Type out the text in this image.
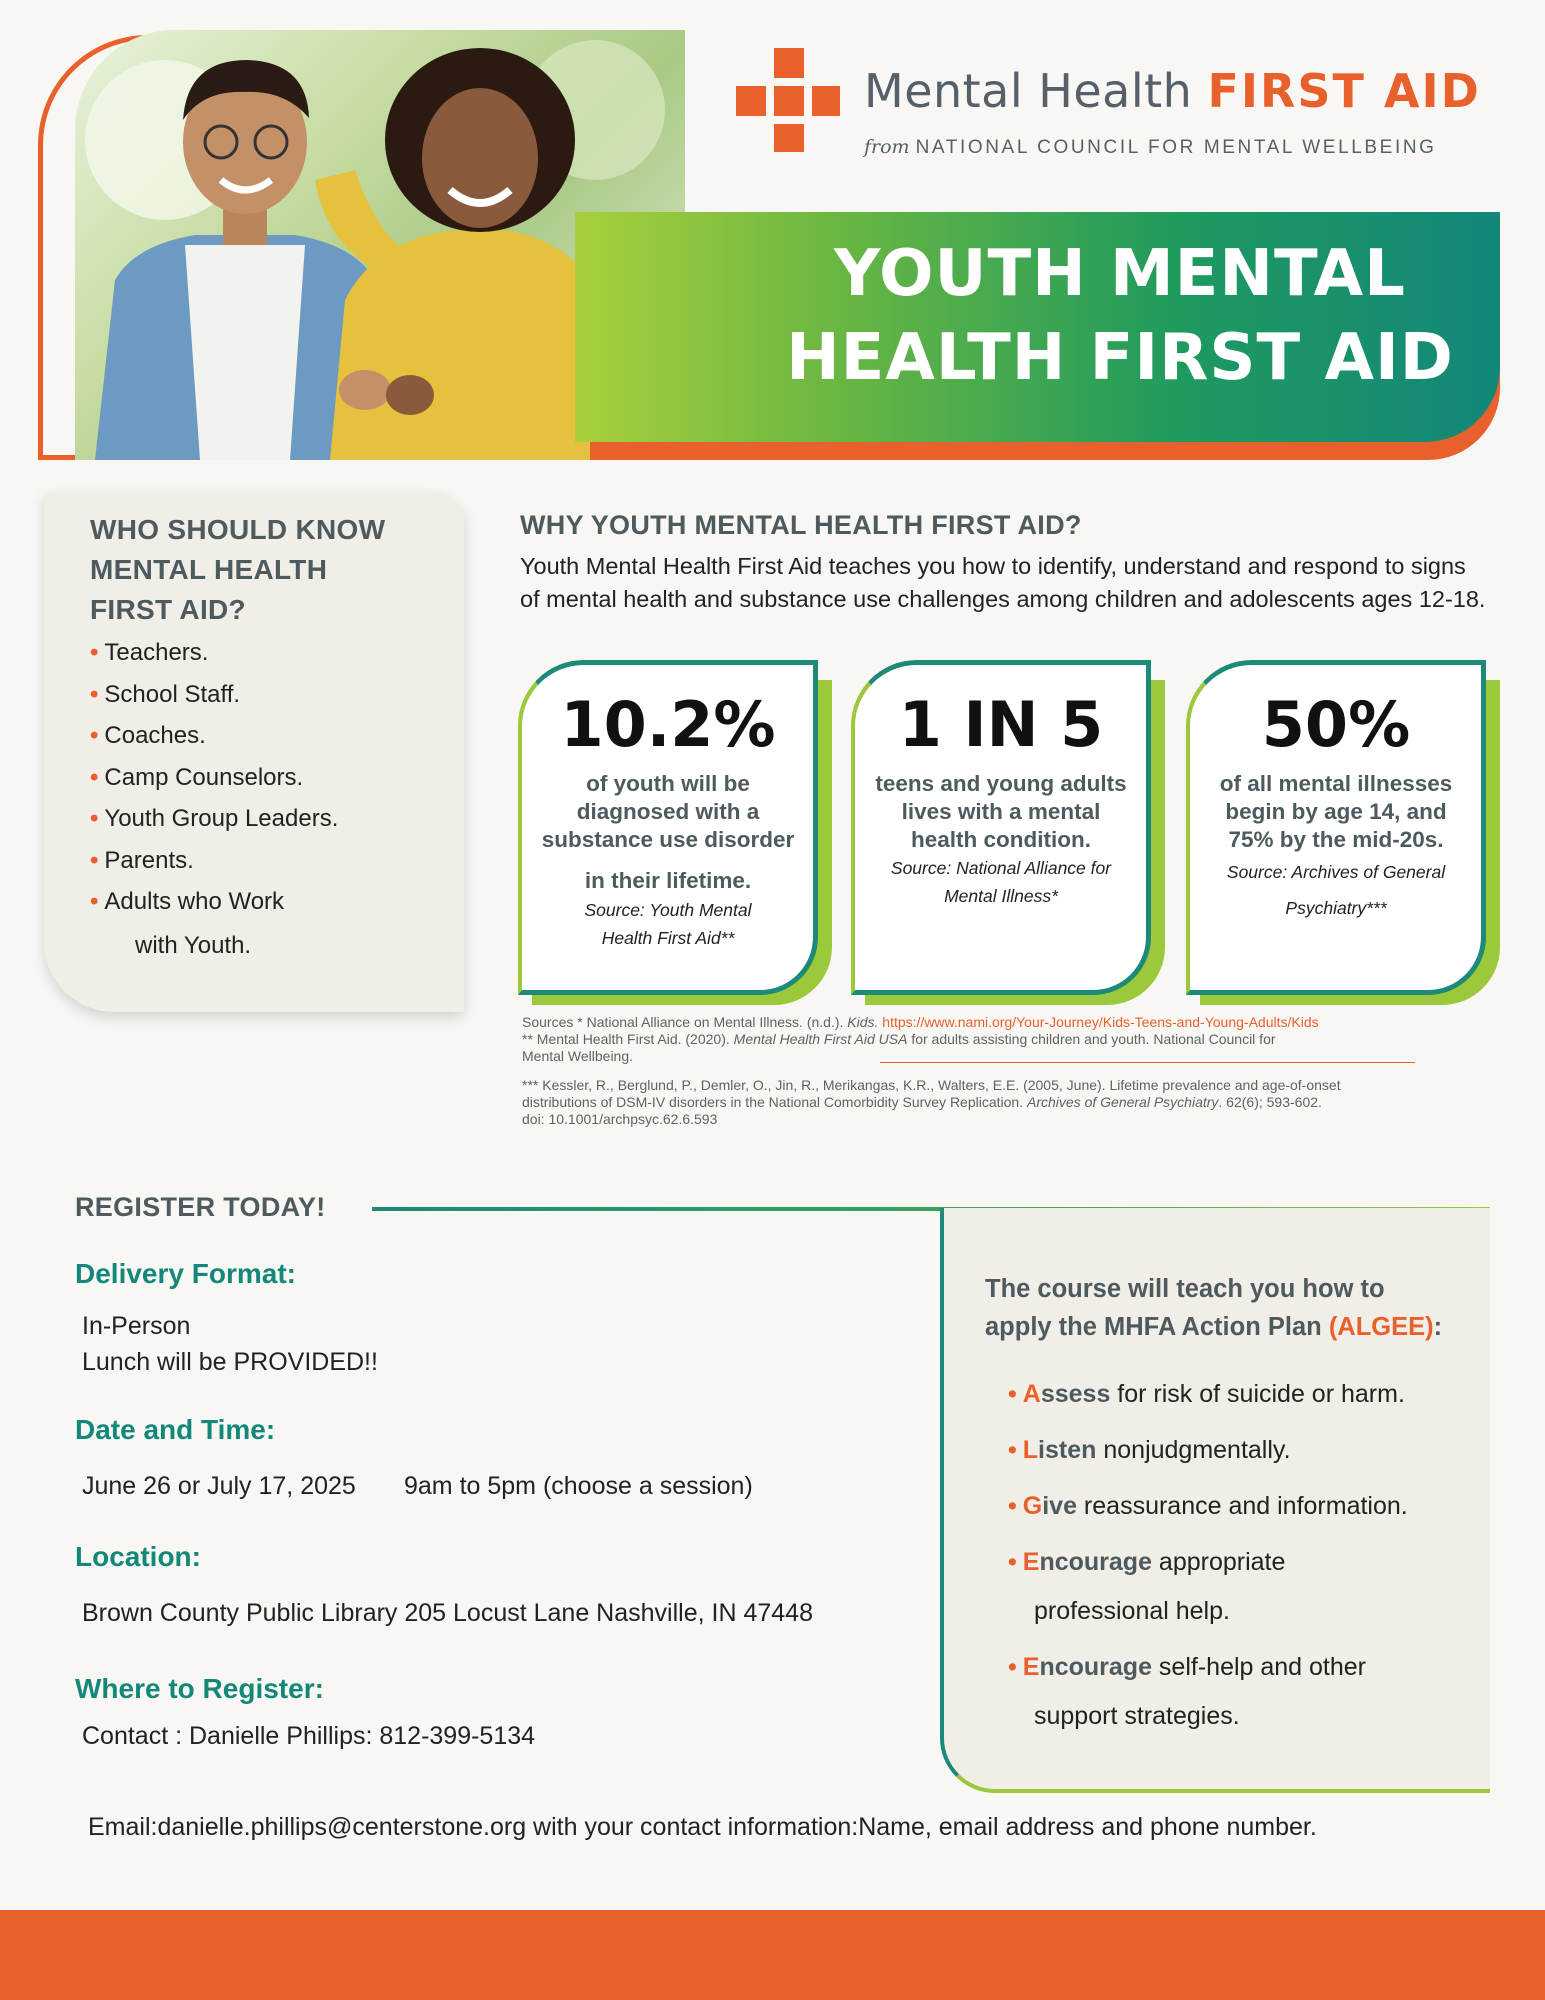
Mental Health FIRST AID
from NATIONAL COUNCIL FOR MENTAL WELLBEING
YOUTH MENTAL
HEALTH FIRST AID
WHO SHOULD KNOW
MENTAL HEALTH
FIRST AID?
• Teachers.
• School Staff.
• Coaches.
• Camp Counselors.
• Youth Group Leaders.
• Parents.
• Adults who Work
with Youth.
WHY YOUTH MENTAL HEALTH FIRST AID?
Youth Mental Health First Aid teaches you how to identify, understand and respond to signs
of mental health and substance use challenges among children and adolescents ages 12-18.
10.2%
of youth will be
diagnosed with a
substance use disorder
in their lifetime.
Source: Youth Mental
Health First Aid**
1 IN 5
teens and young adults
lives with a mental
health condition.
Source: National Alliance for
Mental Illness*
50%
of all mental illnesses
begin by age 14, and
75% by the mid-20s.
Source: Archives of General
Psychiatry***

Sources * National Alliance on Mental Illness. (n.d.). Kids. https://www.nami.org/Your-Journey/Kids-Teens-and-Young-Adults/Kids

** Mental Health First Aid. (2020). Mental Health First Aid USA for adults assisting children and youth. National Council for

Mental Wellbeing.

*** Kessler, R., Berglund, P., Demler, O., Jin, R., Merikangas, K.R., Walters, E.E. (2005, June). Lifetime prevalence and age-of-onset

distributions of DSM-IV disorders in the National Comorbidity Survey Replication. Archives of General Psychiatry. 62(6); 593-602.

doi: 10.1001/archpsyc.62.6.593

REGISTER TODAY!
Delivery Format:
In-Person
Lunch will be PROVIDED!!
Date and Time:
June 26 or July 17, 2025 9am to 5pm (choose a session)
Location:
Brown County Public Library 205 Locust Lane Nashville, IN 47448
Where to Register:
Contact : Danielle Phillips: 812-399-5134
The course will teach you how to
apply the MHFA Action Plan (ALGEE):
• Assess for risk of suicide or harm.
• Listen nonjudgmentally.
• Give reassurance and information.
• Encourage appropriate
professional help.
• Encourage self-help and other
support strategies.
Email:danielle.phillips@centerstone.org with your contact information:Name, email address and phone number.
